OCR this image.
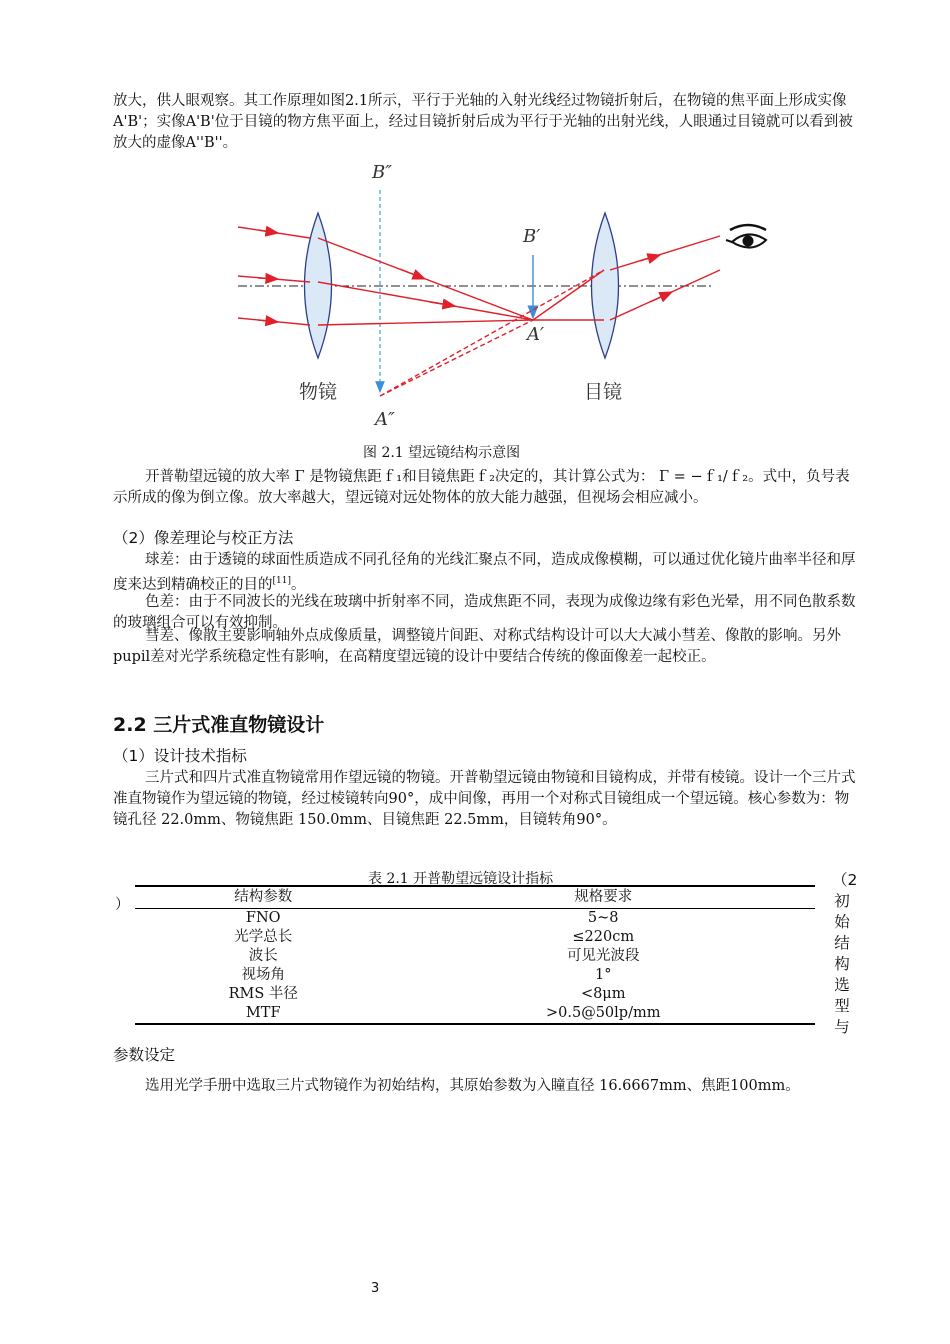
放大，供人眼观察。其工作原理如图2.1所示，平行于光轴的入射光线经过物镜折射后，在物镜的焦平面上形成实像A'B'；实像A'B'位于目镜的物方焦平面上，经过目镜折射后成为平行于光轴的出射光线，人眼通过目镜就可以看到被放大的虚像A''B''。

B″
B′
A′
A″
物镜	目镜
图 2.1 望远镜结构示意图

开普勒望远镜的放大率 Γ 是物镜焦距ｆ₁和目镜焦距ｆ₂决定的，其计算公式为： Γ = −ｆ₁/ｆ₂。式中，负号表示所成的像为倒立像。放大率越大，望远镜对远处物体的放大能力越强，但视场会相应减小。

（2）像差理论与校正方法

球差：由于透镜的球面性质造成不同孔径角的光线汇聚点不同，造成成像模糊，可以通过优化镜片曲率半径和厚度来达到精确校正的目的[11]。

色差：由于不同波长的光线在玻璃中折射率不同，造成焦距不同，表现为成像边缘有彩色光晕，用不同色散系数的玻璃组合可以有效抑制。

彗差、像散主要影响轴外点成像质量，调整镜片间距、对称式结构设计可以大大减小彗差、像散的影响。另外pupil差对光学系统稳定性有影响，在高精度望远镜的设计中要结合传统的像面像差一起校正。

2.2 三片式准直物镜设计
（1）设计技术指标

三片式和四片式准直物镜常用作望远镜的物镜。开普勒望远镜由物镜和目镜构成，并带有棱镜。设计一个三片式准直物镜作为望远镜的物镜，经过棱镜转向90°，成中间像，再用一个对称式目镜组成一个望远镜。核心参数为：物镜孔径 22.0mm、物镜焦距 150.0mm、目镜焦距 22.5mm，目镜转角90°。

表 2.1 开普勒望远镜设计指标
）	结构参数	规格要求
FNO	5~8
光学总长	≤220cm
波长	可见光波段
视场角	1°
RMS 半径	<8μm
MTF	>0.5@50lp/mm
（2
初
始
结
构
选
型
与
参数设定

选用光学手册中选取三片式物镜作为初始结构，其原始参数为入瞳直径 16.6667mm、焦距100mm。

3
